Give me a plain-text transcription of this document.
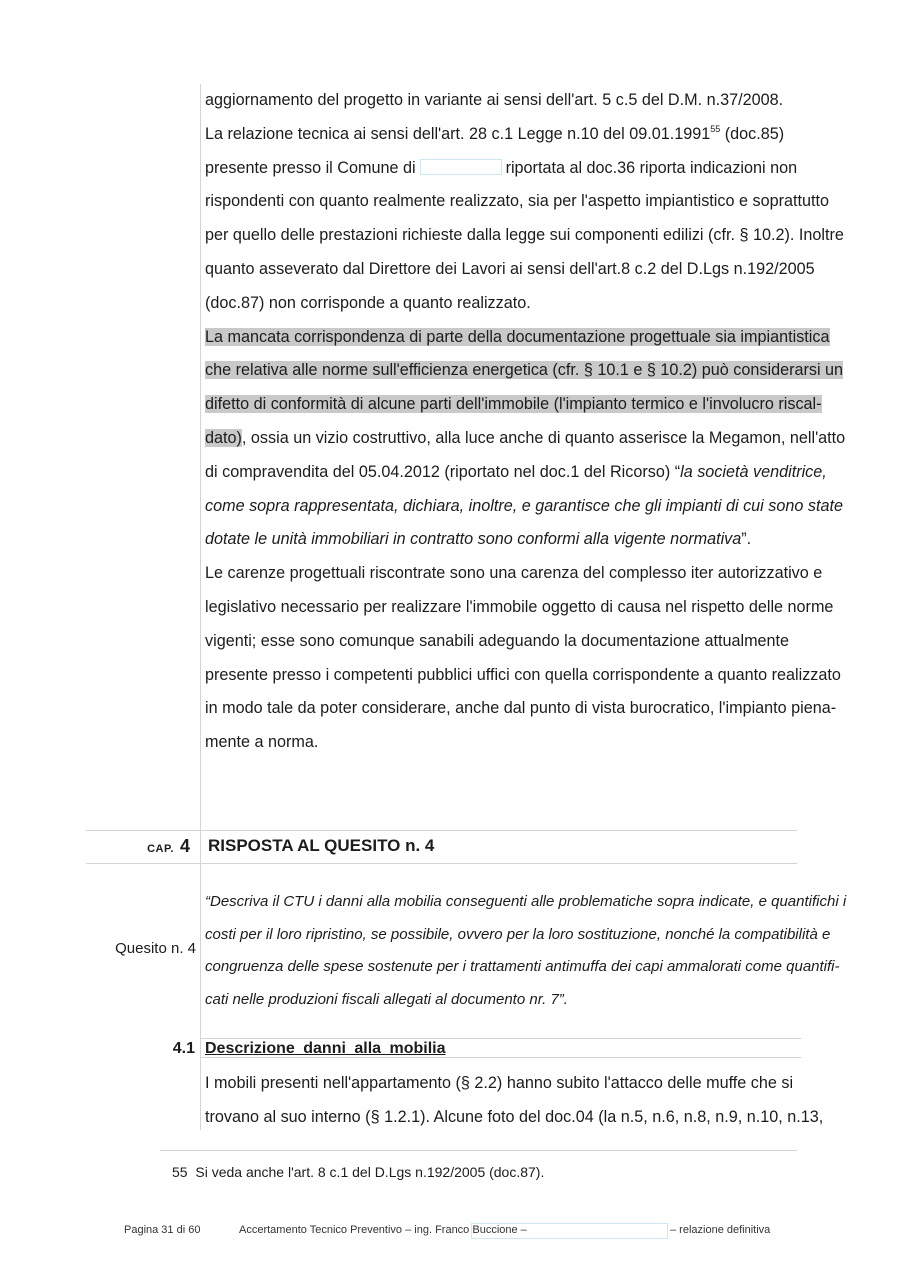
aggiornamento del progetto in variante ai sensi dell'art. 5 c.5 del D.M. n.37/2008.
La relazione tecnica ai sensi dell'art. 28 c.1 Legge n.10 del 09.01.1991$^{55}$ (doc.85)
presente presso il Comune di	riportata al doc.36 riporta indicazioni non
rispondenti con quanto realmente realizzato, sia per l'aspetto impiantistico e soprattutto
per quello delle prestazioni richieste dalla legge sui componenti edilizi (cfr. § 10.2). Inoltre
quanto asseverato dal Direttore dei Lavori ai sensi dell'art.8 c.2 del D.Lgs n.192/2005
(doc.87) non corrisponde a quanto realizzato.
La mancata corrispondenza di parte della documentazione progettuale sia impiantistica
che relativa alle norme sull'efficienza energetica (cfr. § 10.1 e § 10.2) può considerarsi un
difetto di conformità di alcune parti dell'immobile (l'impianto termico e l'involucro riscal-
dato), ossia un vizio costruttivo, alla luce anche di quanto asserisce la Megamon, nell'atto
di compravendita del 05.04.2012 (riportato nel doc.1 del Ricorso) “la società venditrice,
come sopra rappresentata, dichiara, inoltre, e garantisce che gli impianti di cui sono state
dotate le unità immobiliari in contratto sono conformi alla vigente normativa”.
Le carenze progettuali riscontrate sono una carenza del complesso iter autorizzativo e
legislativo necessario per realizzare l'immobile oggetto di causa nel rispetto delle norme
vigenti; esse sono comunque sanabili adeguando la documentazione attualmente
presente presso i competenti pubblici uffici con quella corrispondente a quanto realizzato
in modo tale da poter considerare, anche dal punto di vista burocratico, l'impianto piena-
mente a norma.
CAP. 4 RISPOSTA AL QUESITO n. 4
Quesito n. 4
“Descriva il CTU i danni alla mobilia conseguenti alle problematiche sopra indicate, e quantifichi i
costi per il loro ripristino, se possibile, ovvero per la loro sostituzione, nonché la compatibilità e
congruenza delle spese sostenute per i trattamenti antimuffa dei capi ammalorati come quantifi-
cati nelle produzioni fiscali allegati al documento nr. 7”.
4.1 Descrizione danni alla mobilia
I mobili presenti nell'appartamento (§ 2.2) hanno subito l'attacco delle muffe che si
trovano al suo interno (§ 1.2.1). Alcune foto del doc.04 (la n.5, n.6, n.8, n.9, n.10, n.13,
55 Si veda anche l'art. 8 c.1 del D.Lgs n.192/2005 (doc.87).
Pagina 31 di 60	Accertamento Tecnico Preventivo – ing. Franco Buccione –	– relazione definitiva
